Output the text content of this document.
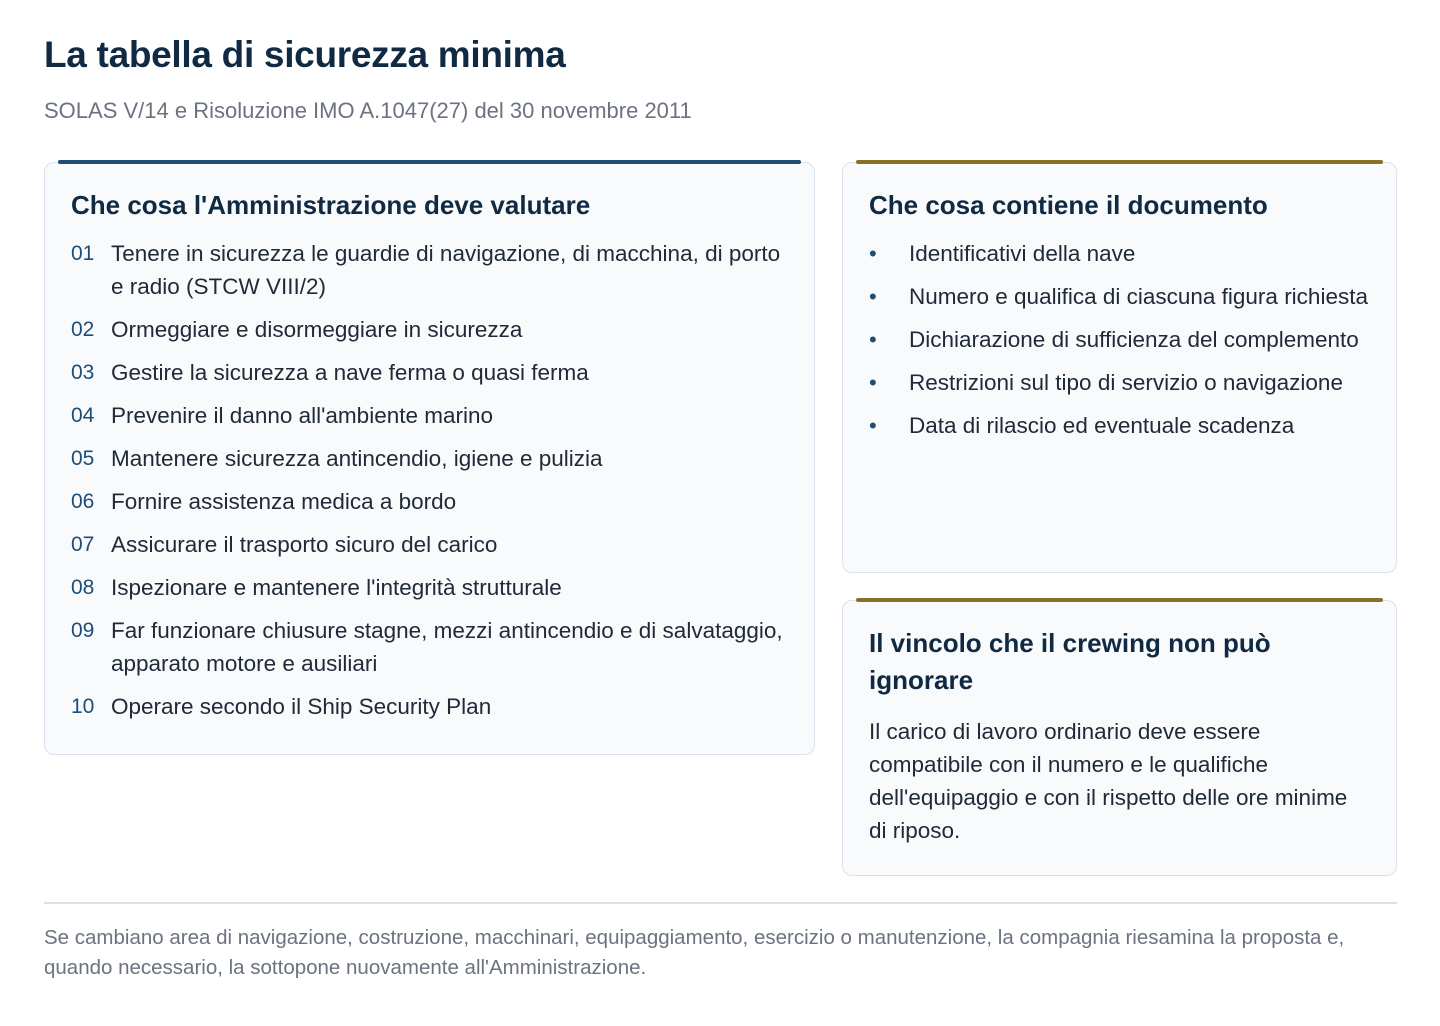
La tabella di sicurezza minima
SOLAS V/14 e Risoluzione IMO A.1047(27) del 30 novembre 2011
Che cosa l'Amministrazione deve valutare
01 Tenere in sicurezza le guardie di navigazione, di macchina, di porto e radio (STCW VIII/2)
02 Ormeggiare e disormeggiare in sicurezza
03 Gestire la sicurezza a nave ferma o quasi ferma
04 Prevenire il danno all'ambiente marino
05 Mantenere sicurezza antincendio, igiene e pulizia
06 Fornire assistenza medica a bordo
07 Assicurare il trasporto sicuro del carico
08 Ispezionare e mantenere l'integrità strutturale
09 Far funzionare chiusure stagne, mezzi antincendio e di salvataggio, apparato motore e ausiliari
10 Operare secondo il Ship Security Plan
Che cosa contiene il documento
•	Identificativi della nave
•	Numero e qualifica di ciascuna figura richiesta
•	Dichiarazione di sufficienza del complemento
•	Restrizioni sul tipo di servizio o navigazione
•	Data di rilascio ed eventuale scadenza
Il vincolo che il crewing non può ignorare

Il carico di lavoro ordinario deve essere compatibile con il numero e le qualifiche dell'equipaggio e con il rispetto delle ore minime di riposo.

Se cambiano area di navigazione, costruzione, macchinari, equipaggiamento, esercizio o manutenzione, la compagnia riesamina la proposta e, quando necessario, la sottopone nuovamente all'Amministrazione.
